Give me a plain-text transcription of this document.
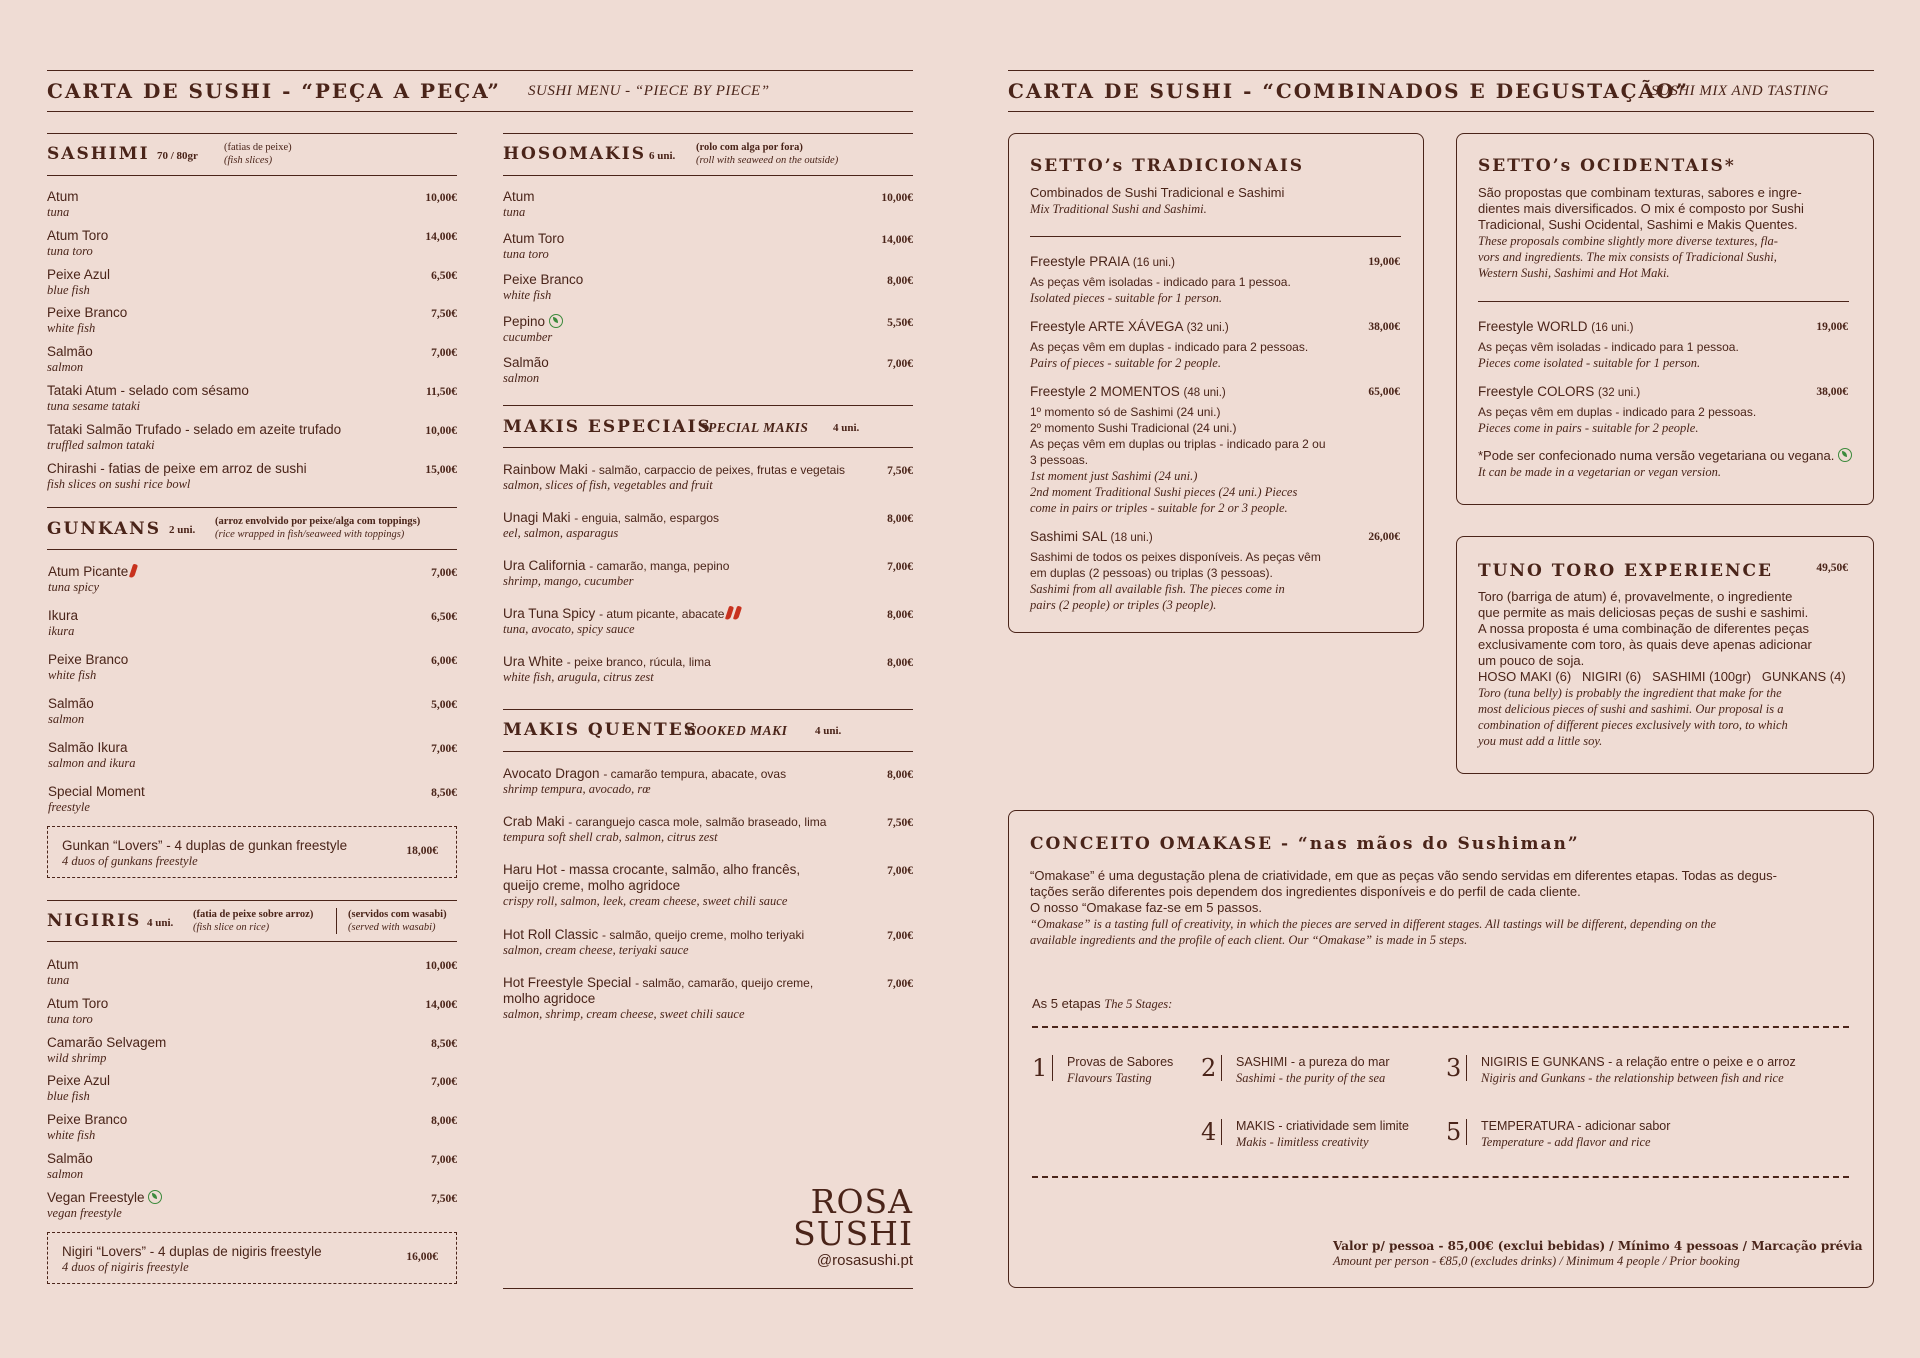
CARTA DE SUSHI - “PEÇA A PEÇA” SUSHI MENU - “PIECE BY PIECE”
SASHIMI 70 / 80gr
(fatias de peixe)
(fish slices)
Atum
tuna
10,00€
Atum Toro
tuna toro
14,00€
Peixe Azul
blue fish
6,50€
Peixe Branco
white fish
7,50€
Salmão
salmon
7,00€
Tataki Atum - selado com sésamo
tuna sesame tataki
11,50€
Tataki Salmão Trufado - selado em azeite trufado
truffled salmon tataki
10,00€
Chirashi - fatias de peixe em arroz de sushi
fish slices on sushi rice bowl
15,00€
GUNKANS 2 uni.
(arroz envolvido por peixe/alga com toppings)
(rice wrapped in fish/seaweed with toppings)
Atum Picante
tuna spicy
7,00€
Ikura
ikura
6,50€
Peixe Branco
white fish
6,00€
Salmão
salmon
5,00€
Salmão Ikura
salmon and ikura
7,00€
Special Moment
freestyle
8,50€
Gunkan “Lovers” - 4 duplas de gunkan freestyle
4 duos of gunkans freestyle
18,00€
NIGIRIS 4 uni.
(fatia de peixe sobre arroz)
(fish slice on rice)
(servidos com wasabi)
(served with wasabi)
Atum
tuna
10,00€
Atum Toro
tuna toro
14,00€
Camarão Selvagem
wild shrimp
8,50€
Peixe Azul
blue fish
7,00€
Peixe Branco
white fish
8,00€
Salmão
salmon
7,00€
Vegan Freestyle
vegan freestyle
7,50€
Nigiri “Lovers” - 4 duplas de nigiris freestyle
4 duos of nigiris freestyle
16,00€
HOSOMAKIS 6 uni.
(rolo com alga por fora)
(roll with seaweed on the outside)
Atum
tuna
10,00€
Atum Toro
tuna toro
14,00€
Peixe Branco
white fish
8,00€
Pepino
cucumber
5,50€
Salmão
salmon
7,00€
MAKIS ESPECIAIS
SPECIAL MAKIS 4 uni.
Rainbow Maki - salmão, carpaccio de peixes, frutas e vegetais
salmon, slices of fish, vegetables and fruit
7,50€
Unagi Maki - enguia, salmão, espargos
eel, salmon, asparagus
8,00€
Ura California - camarão, manga, pepino
shrimp, mango, cucumber
7,00€
Ura Tuna Spicy - atum picante, abacate
tuna, avocato, spicy sauce
8,00€
Ura White - peixe branco, rúcula, lima
white fish, arugula, citrus zest
8,00€
MAKIS QUENTES
COOKED MAKI	4 uni.
Avocato Dragon - camarão tempura, abacate, ovas
shrimp tempura, avocado, rœ
8,00€
Crab Maki - caranguejo casca mole, salmão braseado, lima
tempura soft shell crab, salmon, citrus zest
7,50€
Haru Hot - massa crocante, salmão, alho francês,
queijo creme, molho agridoce
crispy roll, salmon, leek, cream cheese, sweet chili sauce
7,00€
Hot Roll Classic - salmão, queijo creme, molho teriyaki
salmon, cream cheese, teriyaki sauce
7,00€
Hot Freestyle Special - salmão, camarão, queijo creme,
molho agridoce
salmon, shrimp, cream cheese, sweet chili sauce
7,00€
ROSA
SUSHI
@rosasushi.pt
CARTA DE SUSHI - “COMBINADOS E DEGUSTAÇÃO”
SUSHI MIX AND TASTING
SETTO’s TRADICIONAIS
Combinados de Sushi Tradicional e Sashimi
Mix Traditional Sushi and Sashimi.
Freestyle PRAIA (16 uni.)
As peças vêm isoladas - indicado para 1 pessoa.
Isolated pieces - suitable for 1 person.
19,00€
Freestyle ARTE XÁVEGA (32 uni.)
As peças vêm em duplas - indicado para 2 pessoas.
Pairs of pieces - suitable for 2 people.
38,00€
Freestyle 2 MOMENTOS (48 uni.)
1º momento só de Sashimi (24 uni.)
2º momento Sushi Tradicional (24 uni.)
As peças vêm em duplas ou triplas - indicado para 2 ou
3 pessoas.
1st moment just Sashimi (24 uni.)
2nd moment Traditional Sushi pieces (24 uni.) Pieces
come in pairs or triples - suitable for 2 or 3 people.
65,00€
Sashimi SAL (18 uni.)
Sashimi de todos os peixes disponíveis. As peças vêm
em duplas (2 pessoas) ou triplas (3 pessoas).
Sashimi from all available fish. The pieces come in
pairs (2 people) or triples (3 people).
26,00€
SETTO’s OCIDENTAIS*
São propostas que combinam texturas, sabores e ingre-
dientes mais diversificados. O mix é composto por Sushi
Tradicional, Sushi Ocidental, Sashimi e Makis Quentes.
These proposals combine slightly more diverse textures, fla-
vors and ingredients. The mix consists of Tradicional Sushi,
Western Sushi, Sashimi and Hot Maki.
Freestyle WORLD (16 uni.)
As peças vêm isoladas - indicado para 1 pessoa.
Pieces come isolated - suitable for 1 person.
19,00€
Freestyle COLORS (32 uni.)
As peças vêm em duplas - indicado para 2 pessoas.
Pieces come in pairs - suitable for 2 people.
38,00€
*Pode ser confecionado numa versão vegetariana ou vegana.
It can be made in a vegetarian or vegan version.
TUNO TORO EXPERIENCE	49,50€
Toro (barriga de atum) é, provavelmente, o ingrediente
que permite as mais deliciosas peças de sushi e sashimi.
A nossa proposta é uma combinação de diferentes peças
exclusivamente com toro, às quais deve apenas adicionar
um pouco de soja.
HOSO MAKI (6)   NIGIRI (6)   SASHIMI (100gr)   GUNKANS (4)
Toro (tuna belly) is probably the ingredient that make for the
most delicious pieces of sushi and sashimi. Our proposal is a
combination of different pieces exclusively with toro, to which
you must add a little soy.
CONCEITO OMAKASE - “nas mãos do Sushiman”
“Omakase” é uma degustação plena de criatividade, em que as peças vão sendo servidas em diferentes etapas. Todas as degus-
tações serão diferentes pois dependem dos ingredientes disponíveis e do perfil de cada cliente.
O nosso “Omakase faz-se em 5 passos.
“Omakase” is a tasting full of creativity, in which the pieces are served in different stages. All tastings will be different, depending on the
available ingredients and the profile of each client. Our “Omakase” is made in 5 steps.
As 5 etapas The 5 Stages:
1 Provas de Sabores
Flavours Tasting	2 SASHIMI - a pureza do mar
Sashimi - the purity of the sea	3 NIGIRIS E GUNKANS - a relação entre o peixe e o arroz
Nigiris and Gunkans - the relationship between fish and rice
4 MAKIS - criatividade sem limite
Makis - limitless creativity	5 TEMPERATURA - adicionar sabor
Temperature - add flavor and rice
Valor p/ pessoa - 85,00€ (exclui bebidas) / Mínimo 4 pessoas / Marcação prévia
Amount per person - €85,0 (excludes drinks) / Minimum 4 people / Prior booking
